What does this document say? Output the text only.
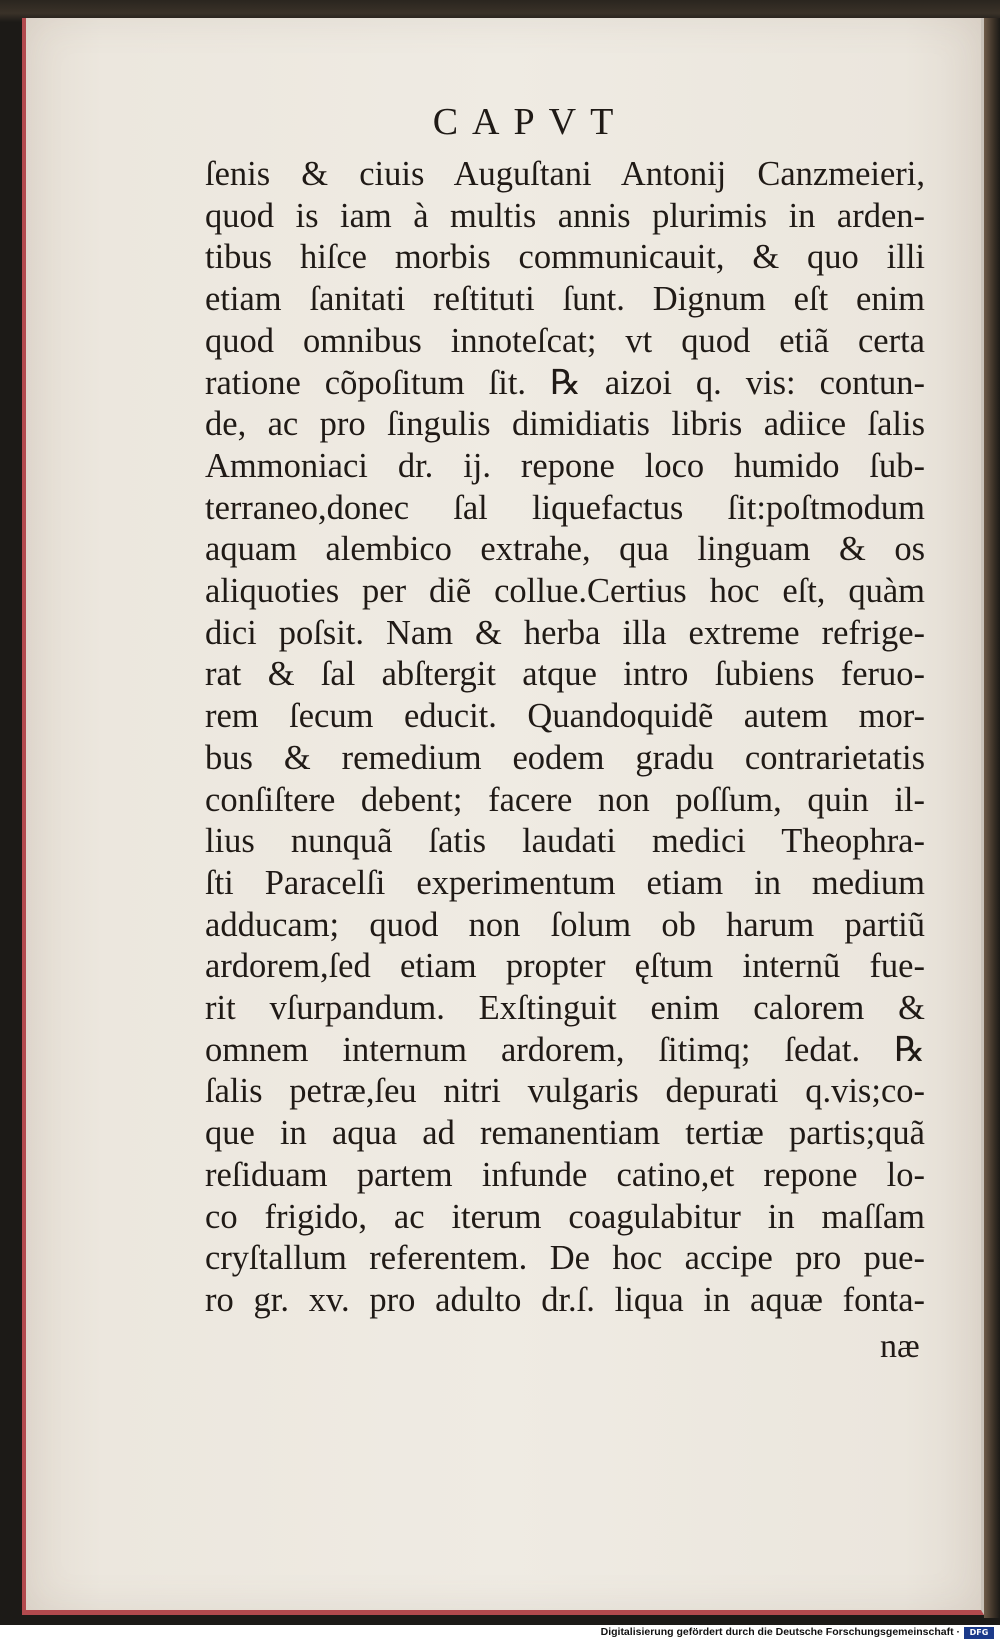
CAPVT
ſenis & ciuis Auguſtani Antonij Canzmeieri,
quod is iam à multis annis plurimis in arden-
tibus hiſce morbis communicauit, & quo illi
etiam ſanitati reſtituti ſunt. Dignum eſt enim
quod omnibus innoteſcat; vt quod etiã certa
ratione cõpoſitum ſit. ℞ aizoi q. vis: contun-
de, ac pro ſingulis dimidiatis libris adiice ſalis
Ammoniaci dr. ij. repone loco humido ſub-
terraneo,donec ſal liquefactus ſit:poſtmodum
aquam alembico extrahe, qua linguam & os
aliquoties per diẽ collue.Certius hoc eſt, quàm
dici poſsit. Nam & herba illa extreme refrige-
rat & ſal abſtergit atque intro ſubiens feruo-
rem ſecum educit. Quandoquidẽ autem mor-
bus & remedium eodem gradu contrarietatis
conſiſtere debent; facere non poſſum, quin il-
lius nunquã ſatis laudati medici Theophra-
ſti Paracelſi experimentum etiam in medium
adducam; quod non ſolum ob harum partiũ
ardorem,ſed etiam propter ęſtum internũ fue-
rit vſurpandum. Exſtinguit enim calorem &
omnem internum ardorem, ſitimq; ſedat. ℞
ſalis petræ,ſeu nitri vulgaris depurati q.vis;co-
que in aqua ad remanentiam tertiæ partis;quã
reſiduam partem infunde catino,et repone lo-
co frigido, ac iterum coagulabitur in maſſam
cryſtallum referentem. De hoc accipe pro pue-
ro gr. xv. pro adulto dr.ſ. liqua in aquæ fonta-
næ
Digitalisierung gefördert durch die Deutsche Forschungsgemeinschaft ·	DFG
